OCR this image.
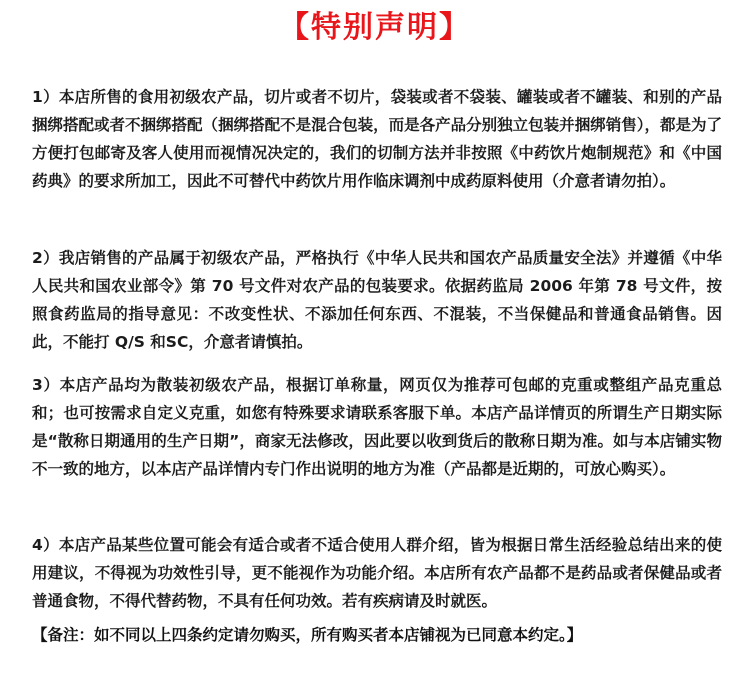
【特别声明】

1）本店所售的食用初级农产品，切片或者不切片，袋装或者不袋装、罐装或者不罐装、和别的产品捆绑搭配或者不捆绑搭配（捆绑搭配不是混合包装，而是各产品分别独立包装并捆绑销售），都是为了方便打包邮寄及客人使用而视情况决定的，我们的切制方法并非按照《中药饮片炮制规范》和《中国药典》的要求所加工，因此不可替代中药饮片用作临床调剂中成药原料使用（介意者请勿拍）。

2）我店销售的产品属于初级农产品，严格执行《中华人民共和国农产品质量安全法》并遵循《中华人民共和国农业部令》第 70 号文件对农产品的包装要求。依据药监局 2006 年第 78 号文件，按照食药监局的指导意见：不改变性状、不添加任何东西、不混装，不当保健品和普通食品销售。因此，不能打 Q/S 和SC，介意者请慎拍。

3）本店产品均为散装初级农产品，根据订单称量，网页仅为推荐可包邮的克重或整组产品克重总和；也可按需求自定义克重，如您有特殊要求请联系客服下单。本店产品详情页的所谓生产日期实际是“散称日期通用的生产日期”，商家无法修改，因此要以收到货后的散称日期为准。如与本店铺实物不一致的地方，以本店产品详情内专门作出说明的地方为准（产品都是近期的，可放心购买）。

4）本店产品某些位置可能会有适合或者不适合使用人群介绍，皆为根据日常生活经验总结出来的使用建议，不得视为功效性引导，更不能视作为功能介绍。本店所有农产品都不是药品或者保健品或者普通食物，不得代替药物，不具有任何功效。若有疾病请及时就医。

【备注：如不同以上四条约定请勿购买，所有购买者本店铺视为已同意本约定。】
